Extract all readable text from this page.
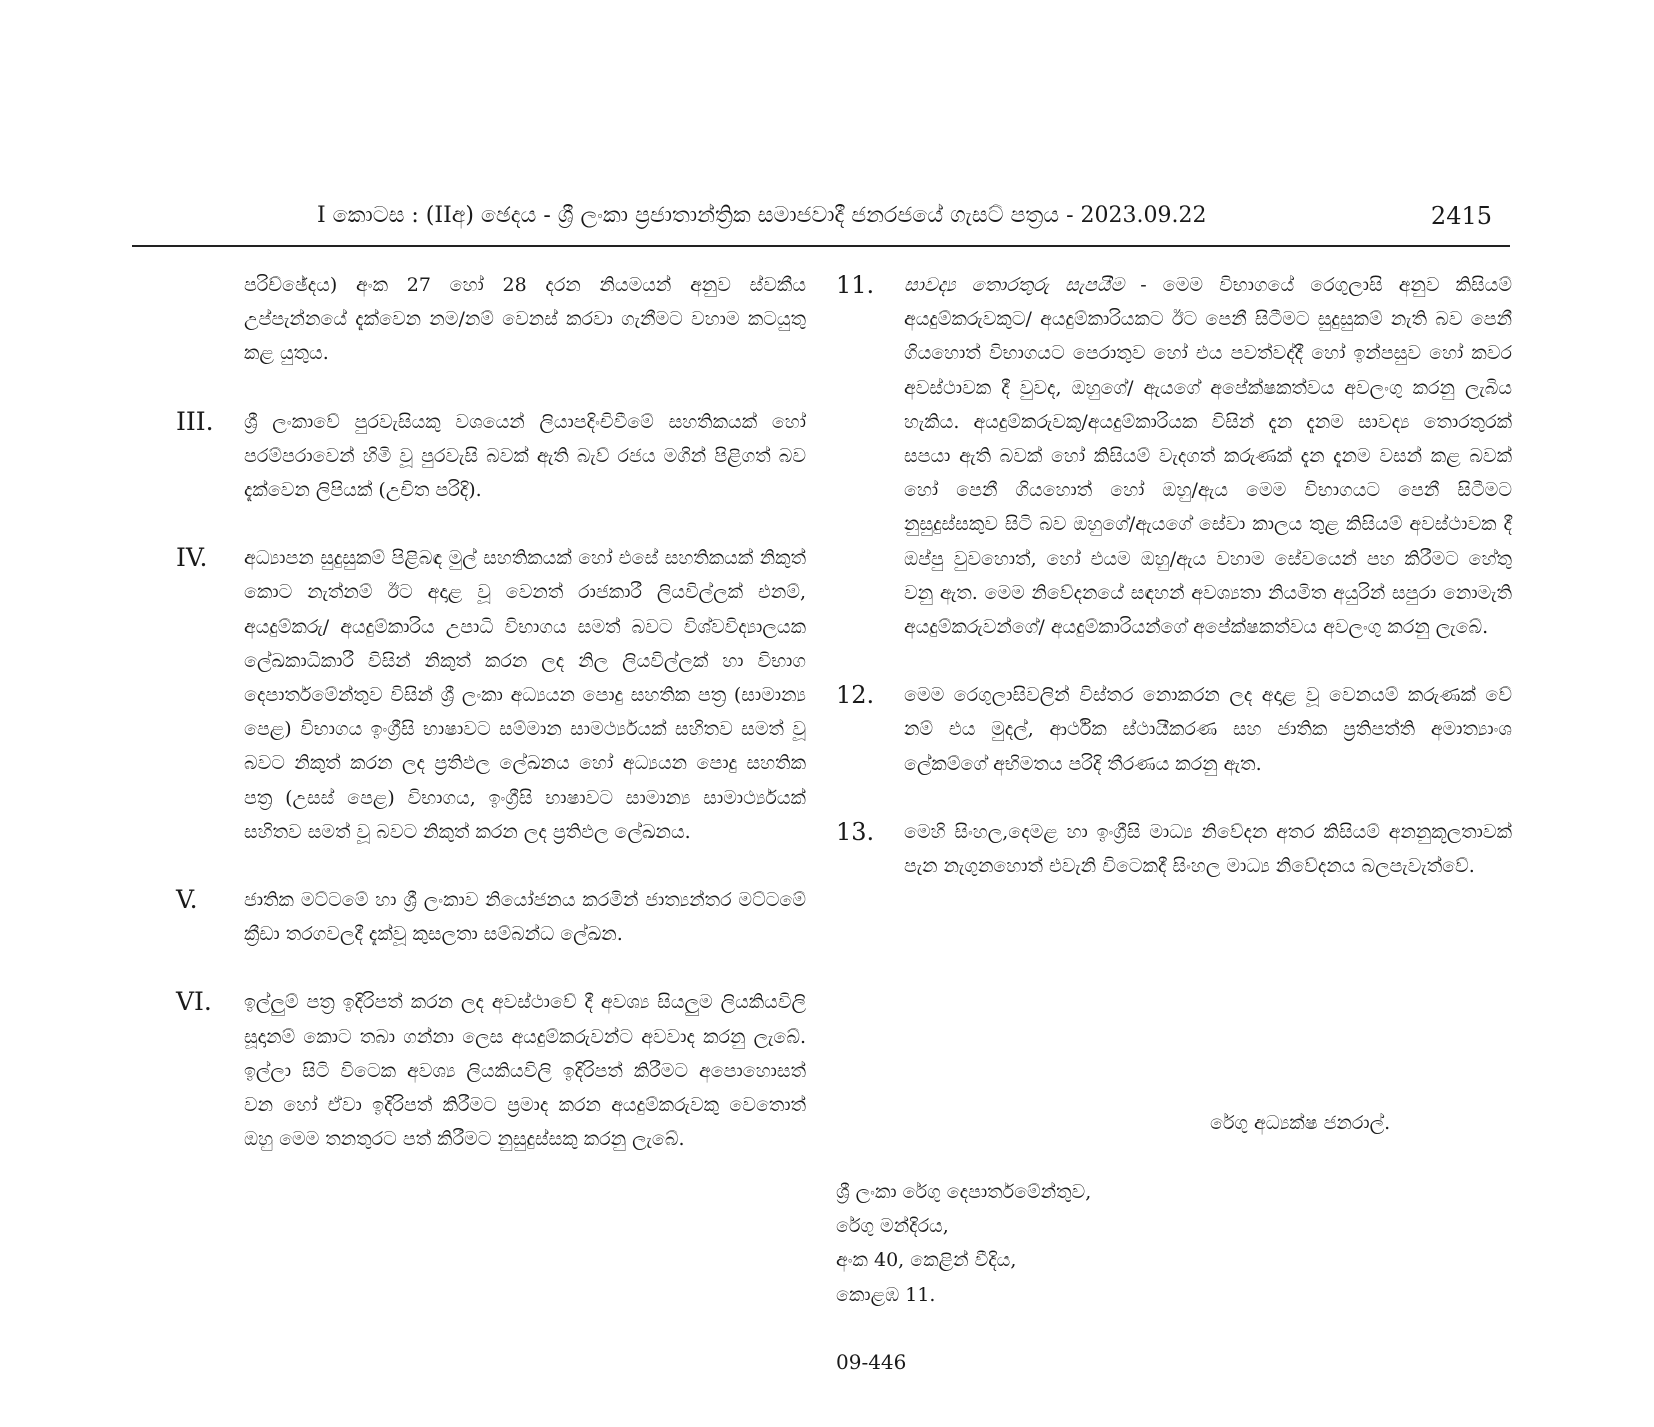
I කොටස : (IIඅ) ඡෙදය - ශ්‍රී ලංකා ප්‍රජාතාන්ත්‍රික සමාජවාදී ජනරජයේ ගැසට් පත්‍රය - 2023.09.22	2415
පරිච්ඡේදය) අංක 27 හෝ 28 දරන නියමයන් අනුව ස්වකීය උප්පැන්නයේ දැක්වෙන නම/නම් වෙනස් කරවා ගැනීමට වහාම කටයුතු කළ යුතුය.
III. ශ්‍රී ලංකාවේ පුරවැසියකු වශයෙන් ලියාපදිංචිවීමේ සහතිකයක් හෝ පරම්පරාවෙන් හිමි වූ පුරවැසි බවක් ඇති බැව් රජය මගින් පිළිගත් බව දැක්වෙන ලිපියක් (උචිත පරිදි).
IV. අධ්‍යාපන සුදුසුකම් පිළිබඳ මුල් සහතිකයක් හෝ එසේ සහතිකයක් නිකුත් කොට නැත්නම් ඊට අදාළ වූ වෙනත් රාජකාරී ලියවිල්ලක් එනම්, අයදුම්කරු/ අයදුම්කාරිය උපාධි විභාගය සමත් බවට විශ්වවිද්‍යාලයක ලේඛකාධිකාරී විසින් නිකුත් කරන ලද නිල ලියවිල්ලක් හා විභාග දෙපාර්තමේන්තුව විසින් ශ්‍රී ලංකා අධ්‍යයන පොදු සහතික පත්‍ර (සාමාන්‍ය පෙළ) විභාගය ඉංග්‍රීසි භාෂාවට සම්මාන සාමර්ථ්‍යයක් සහිතව සමත් වූ බවට නිකුත් කරන ලද ප්‍රතිඵල ලේඛනය හෝ අධ්‍යයන පොදු සහතික පත්‍ර (උසස් පෙළ) විභාගය, ඉංග්‍රීසි භාෂාවට සාමාන්‍ය සාමාර්ථ්‍යයක් සහිතව සමත් වූ බවට නිකුත් කරන ලද ප්‍රතිඵල ලේඛනය.
V. ජාතික මට්ටමේ හා ශ්‍රී ලංකාව නියෝජනය කරමින් ජාත්‍යන්තර මට්ටමේ ක්‍රීඩා තරගවලදී දැක්වූ කුසලතා සම්බන්ධ ලේඛන.
VI. ඉල්ලුම් පත්‍ර ඉදිරිපත් කරන ලද අවස්ථාවේ දී අවශ්‍ය සියලුම ලියකියවිලි සූදානම් කොට තබා ගන්නා ලෙස අයදුම්කරුවන්ට අවවාද කරනු ලැබේ. ඉල්ලා සිටි විටෙක අවශ්‍ය ලියකියවිලි ඉදිරිපත් කිරීමට අපොහොසත් වන හෝ ඒවා ඉදිරිපත් කිරීමට ප්‍රමාද කරන අයදුම්කරුවකු වෙතොත් ඔහු මෙම තනතුරට පත් කිරීමට නුසුදුස්සකු කරනු ලැබේ.
11. සාවද්‍ය තොරතුරු සැපයීම - මෙම විභාගයේ රෙගුලාසි අනුව කිසියම් අයදුම්කරුවකුට/ අයදුම්කාරියකට ඊට පෙනී සිටීමට සුදුසුකම් නැති බව පෙනී ගියහොත් විභාගයට පෙරාතුව හෝ එය පවත්වද්දී හෝ ඉන්පසුව හෝ කවර අවස්ථාවක දී වුවද, ඔහුගේ/ ඇයගේ අපේක්ෂකත්වය අවලංගු කරනු ලැබිය හැකිය. අයදුම්කරුවකු/අයදුම්කාරියක විසින් දැන දැනම සාවද්‍ය තොරතුරක් සපයා ඇති බවක් හෝ කිසියම් වැදගත් කරුණක් දැන දැනම වසන් කළ බවක් හෝ පෙනී ගියහොත් හෝ ඔහු/ඇය මෙම විභාගයට පෙනී සිටීමට නුසුදුස්සකුව සිටි බව ඔහුගේ/ඇයගේ සේවා කාලය තුළ කිසියම් අවස්ථාවක දී ඔප්පු වුවහොත්, හෝ එයම ඔහු/ඇය වහාම සේවයෙන් පහ කිරීමට හේතු වනු ඇත. මෙම නිවේදනයේ සඳහන් අවශ්‍යතා නියමිත අයුරින් සපුරා නොමැති අයදුම්කරුවන්ගේ/ අයදුම්කාරියන්ගේ අපේක්ෂකත්වය අවලංගු කරනු ලැබේ.
12. මෙම රෙගුලාසිවලින් විස්තර නොකරන ලද අදාළ වූ වෙනයම් කරුණක් වේ නම් එය මුදල්, ආර්ථික ස්ථායීකරණ සහ ජාතික ප්‍රතිපත්ති අමාත්‍යාංශ ලේකම්ගේ අභිමතය පරිදි තීරණය කරනු ඇත.
13. මෙහි සිංහල,දෙමළ හා ඉංග්‍රීසි මාධ්‍ය නිවේදන අතර කිසියම් අනනුකූලතාවක් පැන නැගුනහොත් එවැනි විටෙකදී සිංහල මාධ්‍ය නිවේදනය බලපැවැත්වේ.
රේගු අධ්‍යක්ෂ ජනරාල්.
ශ්‍රී ලංකා රේගු දෙපාර්තමේන්තුව,
රේගු මන්දිරය,
අංක 40, කෙළින් වීදිය,
කොළඹ 11.
09-446
